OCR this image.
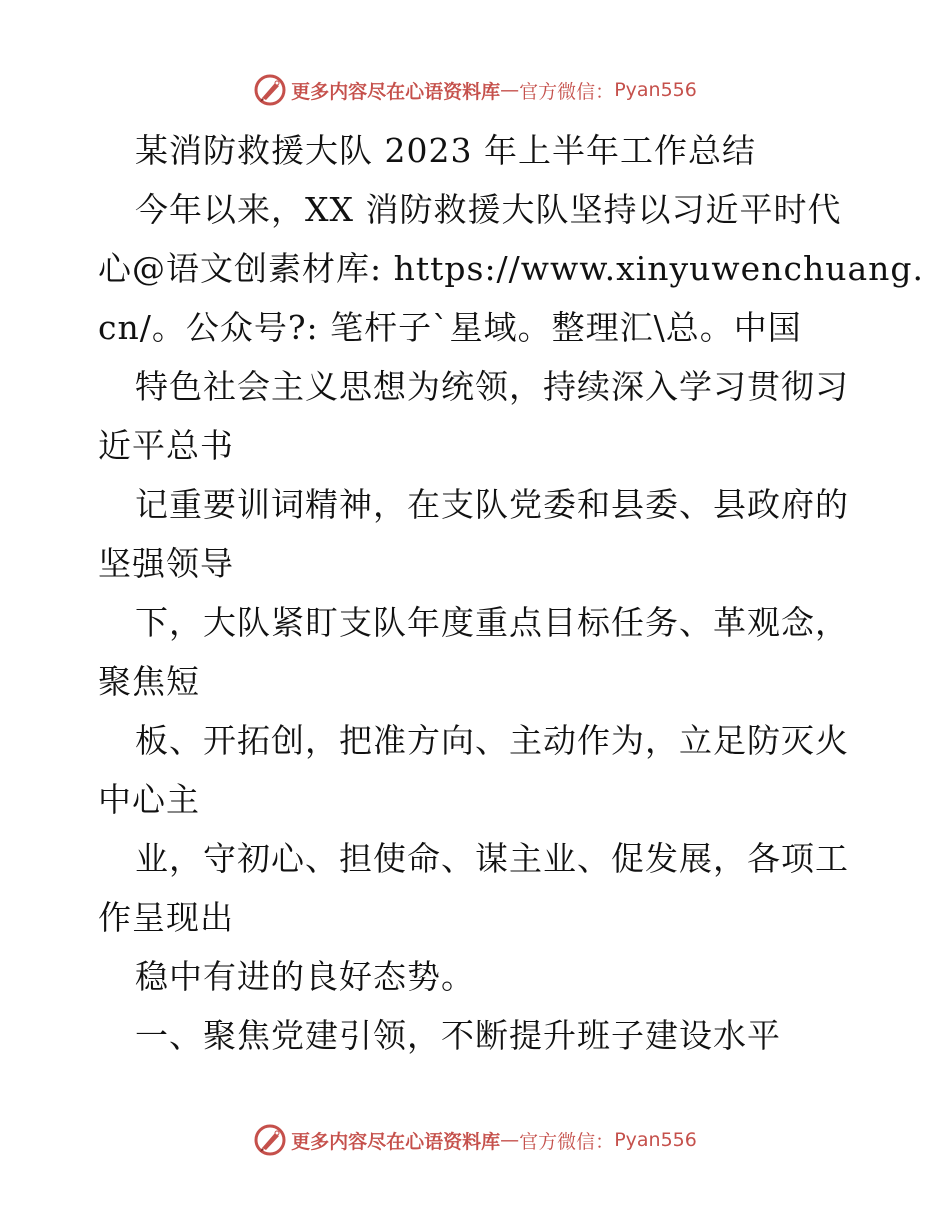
更多内容尽在心语资料库 — 官方微信： Pyan556
某消防救援大队 2023 年上半年工作总结
今年以来，XX 消防救援大队坚持以习近平时代
心@语文创素材库: https://www.xinyuwenchuang.
cn/。公众号?: 笔杆子`星域。整理汇\总。中国
特色社会主义思想为统领，持续深入学习贯彻习
近平总书
记重要训词精神，在支队党委和县委、县政府的
坚强领导
下，大队紧盯支队年度重点目标任务、革观念，
聚焦短
板、开拓创，把准方向、主动作为，立足防灭火
中心主
业，守初心、担使命、谋主业、促发展，各项工
作呈现出
稳中有进的良好态势。
一、聚焦党建引领，不断提升班子建设水平
更多内容尽在心语资料库 — 官方微信： Pyan556
